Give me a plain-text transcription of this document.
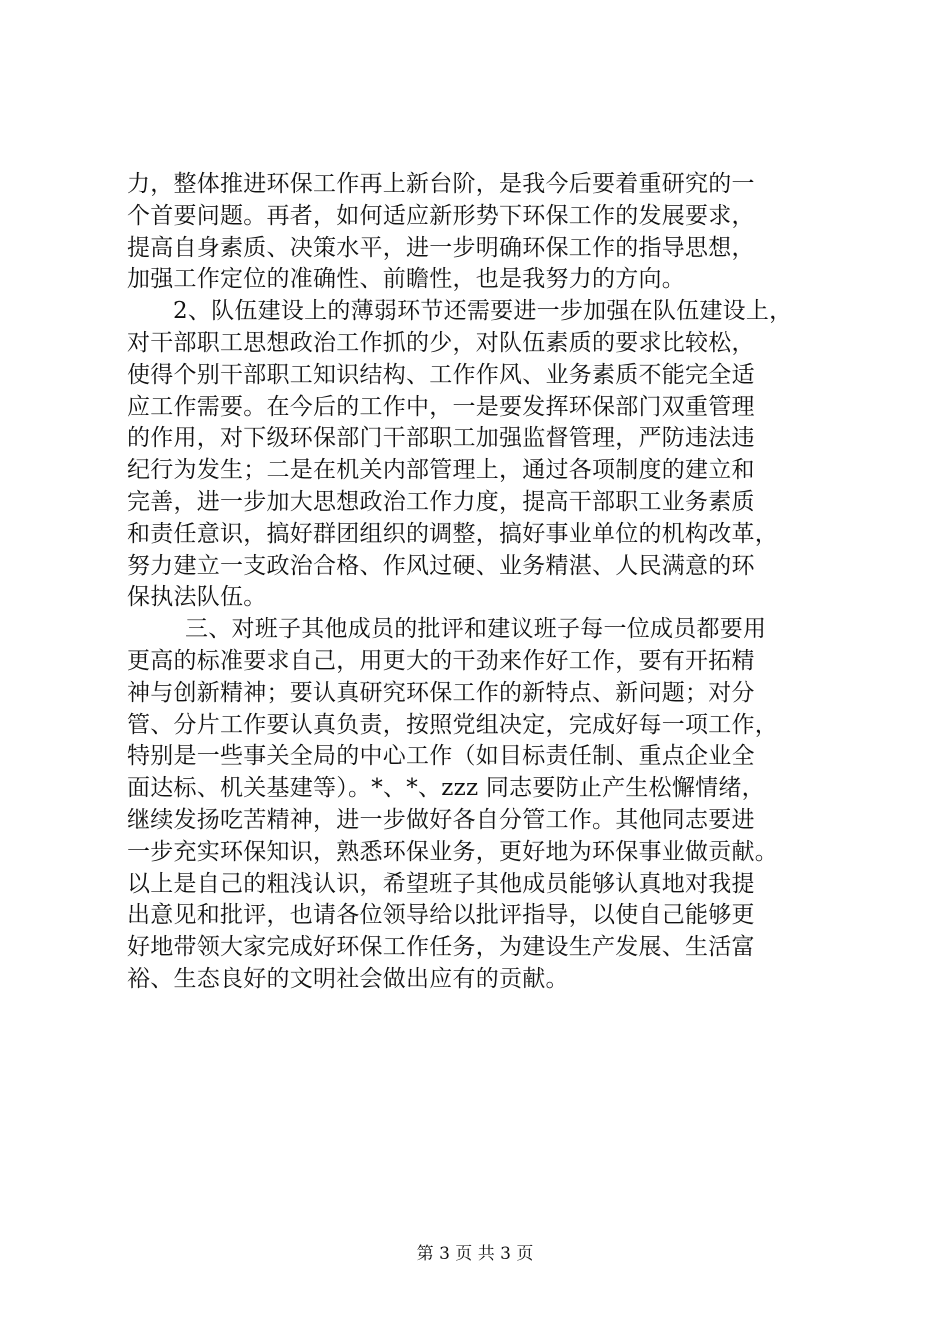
力，整体推进环保工作再上新台阶，是我今后要着重研究的一
个首要问题。再者，如何适应新形势下环保工作的发展要求，
提高自身素质、决策水平，进一步明确环保工作的指导思想，
加强工作定位的准确性、前瞻性，也是我努力的方向。
2、队伍建设上的薄弱环节还需要进一步加强在队伍建设上，
对干部职工思想政治工作抓的少，对队伍素质的要求比较松，
使得个别干部职工知识结构、工作作风、业务素质不能完全适
应工作需要。在今后的工作中，一是要发挥环保部门双重管理
的作用，对下级环保部门干部职工加强监督管理，严防违法违
纪行为发生；二是在机关内部管理上，通过各项制度的建立和
完善，进一步加大思想政治工作力度，提高干部职工业务素质
和责任意识，搞好群团组织的调整，搞好事业单位的机构改革，
努力建立一支政治合格、作风过硬、业务精湛、人民满意的环
保执法队伍。
三、对班子其他成员的批评和建议班子每一位成员都要用
更高的标准要求自己，用更大的干劲来作好工作，要有开拓精
神与创新精神；要认真研究环保工作的新特点、新问题；对分
管、分片工作要认真负责，按照党组决定，完成好每一项工作，
特别是一些事关全局的中心工作（如目标责任制、重点企业全
面达标、机关基建等）。*、*、zzz 同志要防止产生松懈情绪，
继续发扬吃苦精神，进一步做好各自分管工作。其他同志要进
一步充实环保知识，熟悉环保业务，更好地为环保事业做贡献。
以上是自己的粗浅认识，希望班子其他成员能够认真地对我提
出意见和批评，也请各位领导给以批评指导，以使自己能够更
好地带领大家完成好环保工作任务，为建设生产发展、生活富
裕、生态良好的文明社会做出应有的贡献。
第 3 页 共 3 页
